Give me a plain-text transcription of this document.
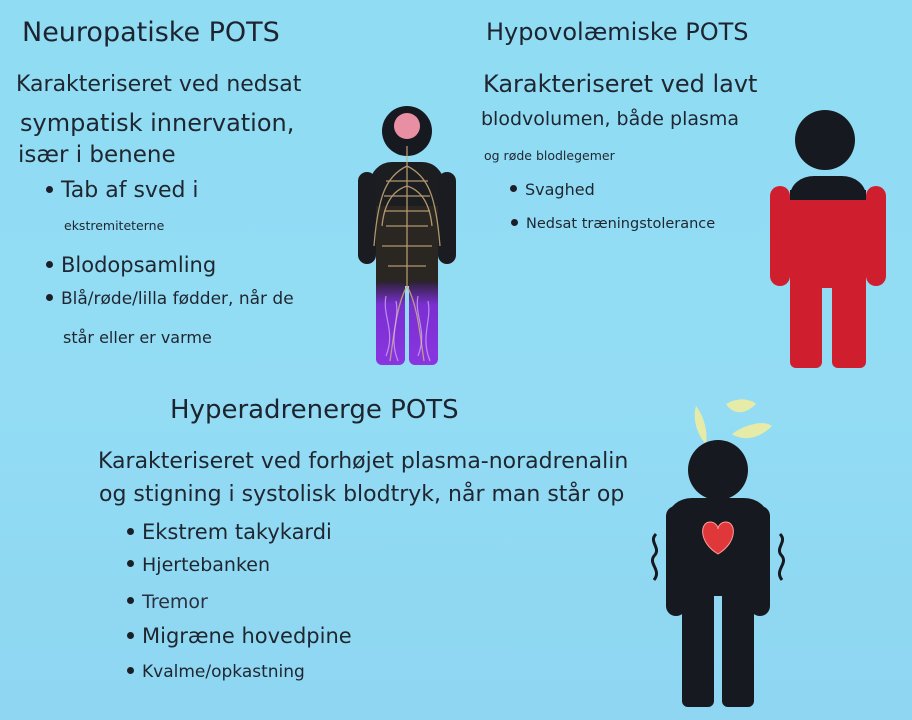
Neuropatiske POTS
Karakteriseret ved nedsat
sympatisk innervation,
især i benene
Tab af sved i
ekstremiteterne
Blodopsamling
Blå/røde/lilla fødder, når de
står eller er varme
Hypovolæmiske POTS
Karakteriseret ved lavt
blodvolumen, både plasma
og røde blodlegemer
Svaghed
Nedsat træningstolerance
Hyperadrenerge POTS
Karakteriseret ved forhøjet plasma-noradrenalin
og stigning i systolisk blodtryk, når man står op
Ekstrem takykardi
Hjertebanken
Tremor
Migræne hovedpine
Kvalme/opkastning
